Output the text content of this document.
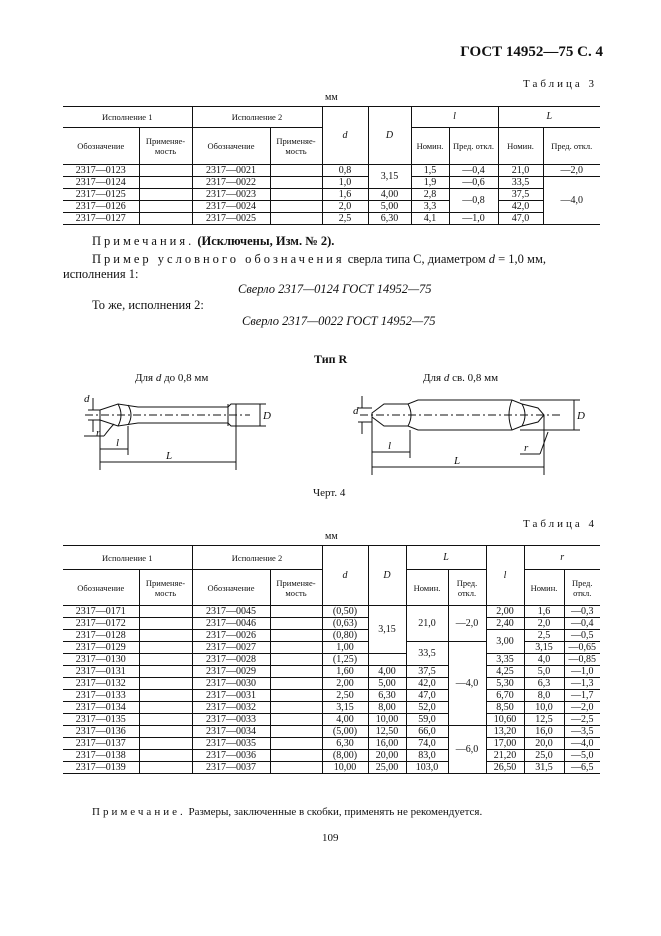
ГОСТ 14952—75 С. 4
Таблица 3
мм
Исполнение 1		Исполнение 2		d	D	l		L	
Обозначение	Применяе-мость	Обозначение	Применяе-мость			Номин.	Пред. откл.	Номин.	Пред. откл.
2317—0123		2317—0021		0,8	3,15	1,5	—0,4	21,0	—2,0
2317—0124		2317—0022		1,0		1,9	—0,6	33,5	—4,0
2317—0125		2317—0023		1,6	4,00	2,8	—0,8	37,5	
2317—0126		2317—0024		2,0	5,00	3,3		42,0	
2317—0127		2317—0025		2,5	6,30	4,1	—1,0	47,0	
Примечания. (Исключены, Изм. № 2).
Пример условного обозначения сверла типа С, диаметром d = 1,0 мм,
исполнения 1:
Сверло 2317—0124 ГОСТ 14952—75
То же, исполнения 2:
Сверло 2317—0022 ГОСТ 14952—75
Тип R
Для d до 0,8 мм	Для d св. 0,8 мм
d
D
l
r
L
d	D
l	r
L
Черт. 4
Таблица 4
мм
Исполнение 1		Исполнение 2		d	D	L		l	r	
Обозначение	Применяе-мость	Обозначение	Применяе-мость			Номин.	Пред. откл.		Номин.	Пред. откл.
2317—0171		2317—0045		(0,50)	3,15	21,0	—2,0	2,00	1,6	—0,3
2317—0172		2317—0046		(0,63)				2,40	2,0	—0,4
2317—0128		2317—0026		(0,80)				3,00	2,5	—0,5
2317—0129		2317—0027		1,00		33,5	—4,0		3,15	—0,65
2317—0130		2317—0028		(1,25)				3,35	4,0	—0,85
2317—0131		2317—0029		1,60	4,00	37,5		4,25	5,0	—1,0
2317—0132		2317—0030		2,00	5,00	42,0		5,30	6,3	—1,3
2317—0133		2317—0031		2,50	6,30	47,0		6,70	8,0	—1,7
2317—0134		2317—0032		3,15	8,00	52,0		8,50	10,0	—2,0
2317—0135		2317—0033		4,00	10,00	59,0		10,60	12,5	—2,5
2317—0136		2317—0034		(5,00)	12,50	66,0	—6,0	13,20	16,0	—3,5
2317—0137		2317—0035		6,30	16,00	74,0		17,00	20,0	—4,0
2317—0138		2317—0036		(8,00)	20,00	83,0		21,20	25,0	—5,0
2317—0139		2317—0037		10,00	25,00	103,0		26,50	31,5	—6,5
Примечание. Размеры, заключенные в скобки, применять не рекомендуется.
109
